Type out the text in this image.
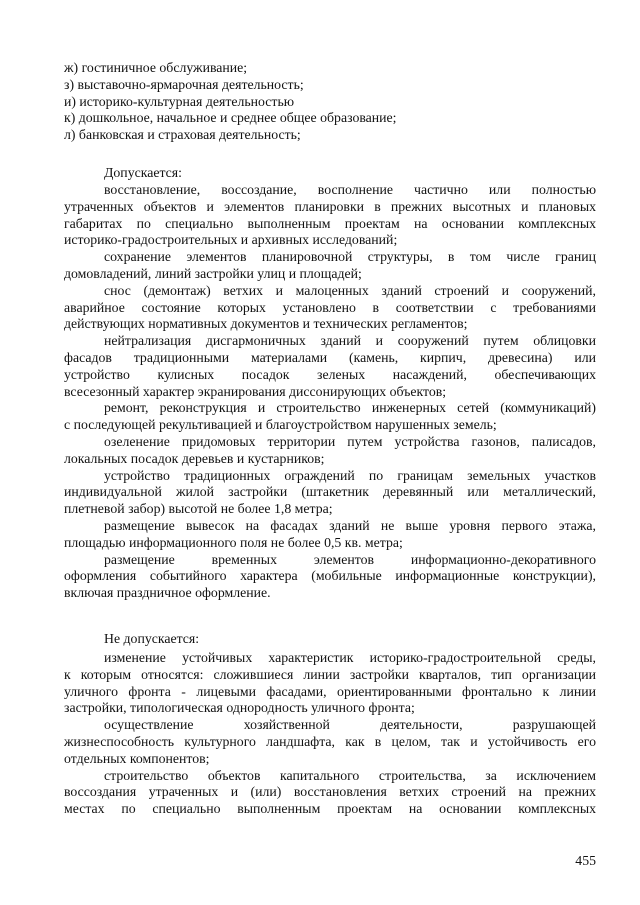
ж) гостиничное обслуживание;
з) выставочно-ярмарочная деятельность;
и) историко-культурная деятельностью
к) дошкольное, начальное и среднее общее образование;
л) банковская и страховая деятельность;
Допускается:
восстановление, воссоздание, восполнение частично или полностью
утраченных объектов и элементов планировки в прежних высотных и плановых
габаритах по специально выполненным проектам на основании комплексных
историко-градостроительных и архивных исследований;
сохранение элементов планировочной структуры, в том числе границ
домовладений, линий застройки улиц и площадей;
снос (демонтаж) ветхих и малоценных зданий строений и сооружений,
аварийное состояние которых установлено в соответствии с требованиями
действующих нормативных документов и технических регламентов;
нейтрализация дисгармоничных зданий и сооружений путем облицовки
фасадов традиционными материалами (камень, кирпич, древесина) или
устройство кулисных посадок зеленых насаждений, обеспечивающих
всесезонный характер экранирования диссонирующих объектов;
ремонт, реконструкция и строительство инженерных сетей (коммуникаций)
с последующей рекультивацией и благоустройством нарушенных земель;
озеленение придомовых территории путем устройства газонов, палисадов,
локальных посадок деревьев и кустарников;
устройство традиционных ограждений по границам земельных участков
индивидуальной жилой застройки (штакетник деревянный или металлический,
плетневой забор) высотой не более 1,8 метра;
размещение вывесок на фасадах зданий не выше уровня первого этажа,
площадью информационного поля не более 0,5 кв. метра;
размещение временных элементов информационно-декоративного
оформления событийного характера (мобильные информационные конструкции),
включая праздничное оформление.
Не допускается:
изменение устойчивых характеристик историко-градостроительной среды,
к которым относятся: сложившиеся линии застройки кварталов, тип организации
уличного фронта - лицевыми фасадами, ориентированными фронтально к линии
застройки, типологическая однородность уличного фронта;
осуществление хозяйственной деятельности, разрушающей
жизнеспособность культурного ландшафта, как в целом, так и устойчивость его
отдельных компонентов;
строительство объектов капитального строительства, за исключением
воссоздания утраченных и (или) восстановления ветхих строений на прежних
местах по специально выполненным проектам на основании комплексных
455
